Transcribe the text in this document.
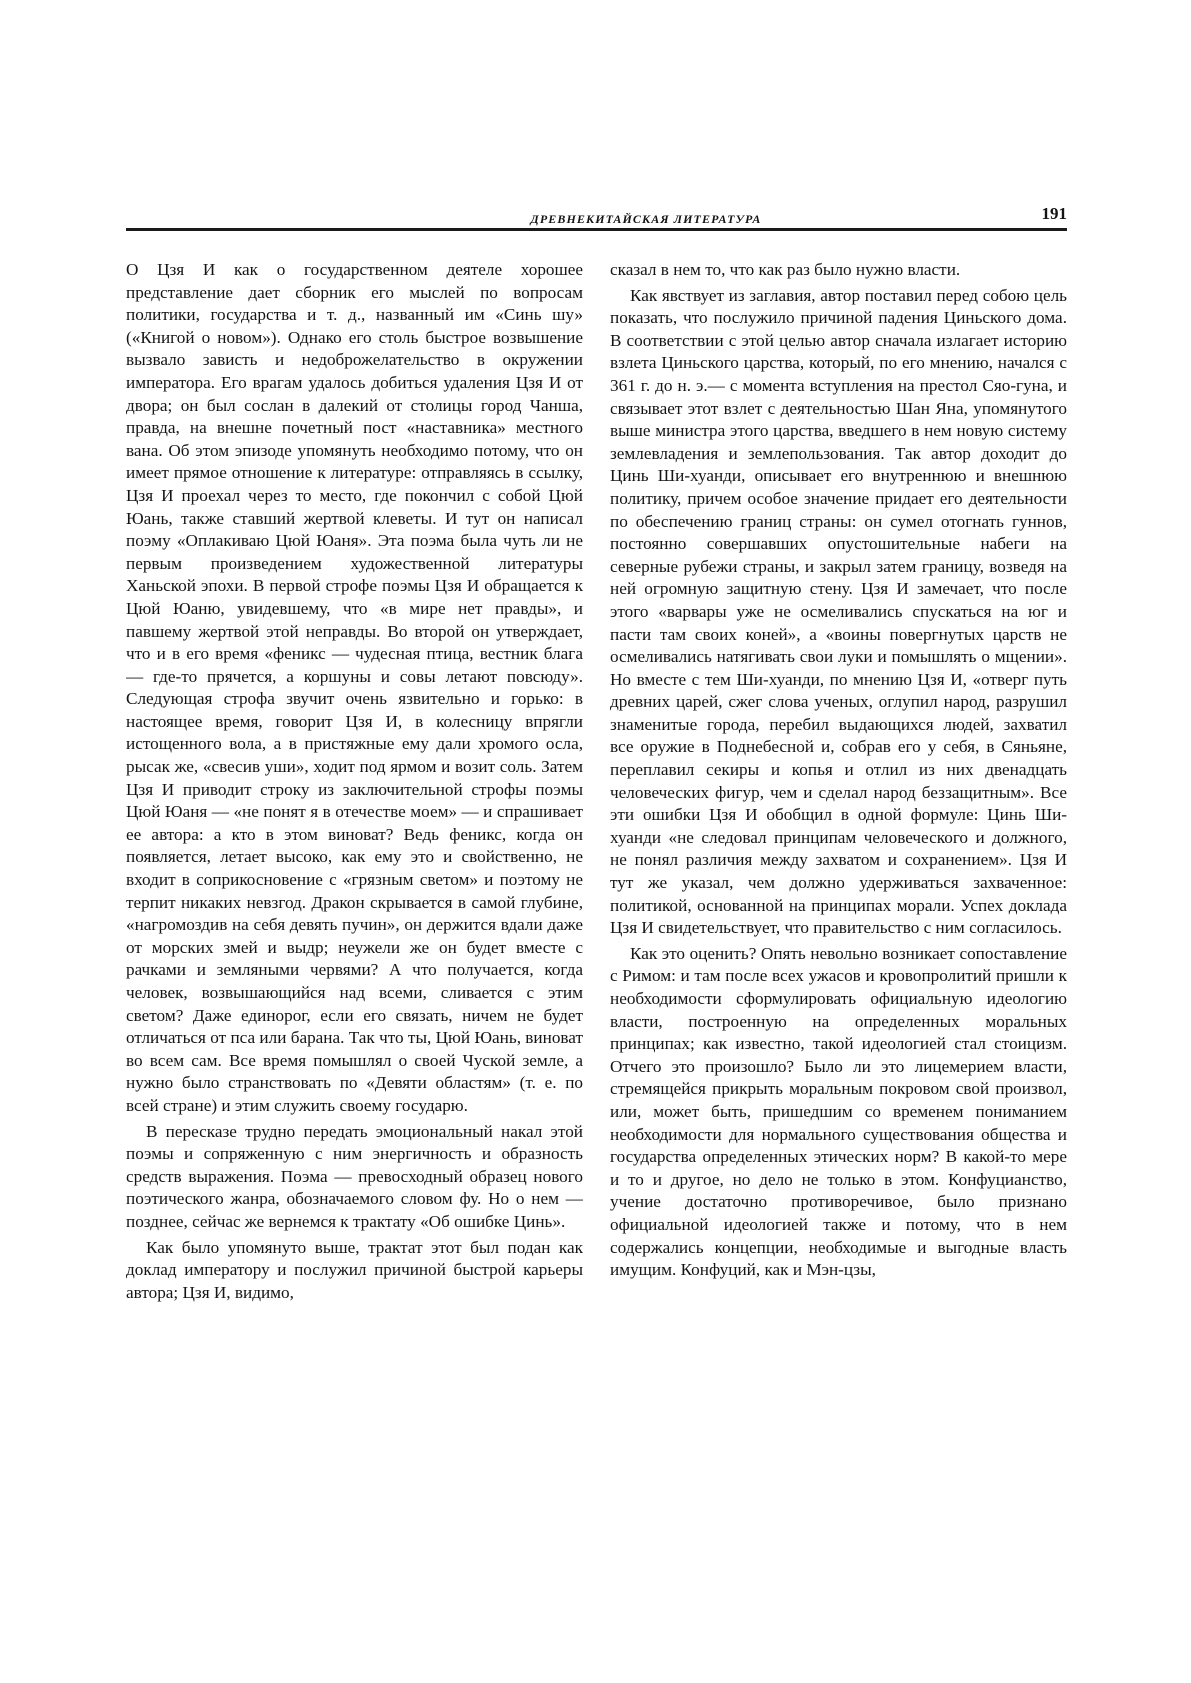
ДРЕВНЕКИТАЙСКАЯ ЛИТЕРАТУРА	191

О Цзя И как о государственном деятеле хорошее представление дает сборник его мыслей по вопросам политики, государства и т. д., названный им «Синь шу» («Книгой о новом»). Однако его столь быстрое возвышение вызвало зависть и недоброжелательство в окружении императора. Его врагам удалось добиться удаления Цзя И от двора; он был сослан в далекий от столицы город Чанша, правда, на внешне почетный пост «наставника» местного вана. Об этом эпизоде упомянуть необходимо потому, что он имеет прямое отношение к литературе: отправляясь в ссылку, Цзя И проехал через то место, где покончил с собой Цюй Юань, также ставший жертвой клеветы. И тут он написал поэму «Оплакиваю Цюй Юаня». Эта поэма была чуть ли не первым произведением художественной литературы Ханьской эпохи. В первой строфе поэмы Цзя И обращается к Цюй Юаню, увидевшему, что «в мире нет правды», и павшему жертвой этой неправды. Во второй он утверждает, что и в его время «феникс — чудесная птица, вестник блага — где-то прячется, а коршуны и совы летают повсюду». Следующая строфа звучит очень язвительно и горько: в настоящее время, говорит Цзя И, в колесницу впрягли истощенного вола, а в пристяжные ему дали хромого осла, рысак же, «свесив уши», ходит под ярмом и возит соль. Затем Цзя И приводит строку из заключительной строфы поэмы Цюй Юаня — «не понят я в отечестве моем» — и спрашивает ее автора: а кто в этом виноват? Ведь феникс, когда он появляется, летает высоко, как ему это и свойственно, не входит в соприкосновение с «грязным светом» и поэтому не терпит никаких невзгод. Дракон скрывается в самой глубине, «нагромоздив на себя девять пучин», он держится вдали даже от морских змей и выдр; неужели же он будет вместе с рачками и земляными червями? А что получается, когда человек, возвышающийся над всеми, сливается с этим светом? Даже единорог, если его связать, ничем не будет отличаться от пса или барана. Так что ты, Цюй Юань, виноват во всем сам. Все время помышлял о своей Чуской земле, а нужно было странствовать по «Девяти областям» (т. е. по всей стране) и этим служить своему государю.

В пересказе трудно передать эмоциональный накал этой поэмы и сопряженную с ним энергичность и образность средств выражения. Поэма — превосходный образец нового поэтического жанра, обозначаемого словом фу. Но о нем — позднее, сейчас же вернемся к трактату «Об ошибке Цинь».

Как было упомянуто выше, трактат этот был подан как доклад императору и послужил причиной быстрой карьеры автора; Цзя И, видимо,

сказал в нем то, что как раз было нужно власти.

Как явствует из заглавия, автор поставил перед собою цель показать, что послужило причиной падения Циньского дома. В соответствии с этой целью автор сначала излагает историю взлета Циньского царства, который, по его мнению, начался с 361 г. до н. э.— с момента вступления на престол Сяо-гуна, и связывает этот взлет с деятельностью Шан Яна, упомянутого выше министра этого царства, введшего в нем новую систему землевладения и землепользования. Так автор доходит до Цинь Ши-хуанди, описывает его внутреннюю и внешнюю политику, причем особое значение придает его деятельности по обеспечению границ страны: он сумел отогнать гуннов, постоянно совершавших опустошительные набеги на северные рубежи страны, и закрыл затем границу, возведя на ней огромную защитную стену. Цзя И замечает, что после этого «варвары уже не осмеливались спускаться на юг и пасти там своих коней», а «воины повергнутых царств не осмеливались натягивать свои луки и помышлять о мщении». Но вместе с тем Ши-хуанди, по мнению Цзя И, «отверг путь древних царей, сжег слова ученых, оглупил народ, разрушил знаменитые города, перебил выдающихся людей, захватил все оружие в Поднебесной и, собрав его у себя, в Сяньяне, переплавил секиры и копья и отлил из них двенадцать человеческих фигур, чем и сделал народ беззащитным». Все эти ошибки Цзя И обобщил в одной формуле: Цинь Ши-хуанди «не следовал принципам человеческого и должного, не понял различия между захватом и сохранением». Цзя И тут же указал, чем должно удерживаться захваченное: политикой, основанной на принципах морали. Успех доклада Цзя И свидетельствует, что правительство с ним согласилось.

Как это оценить? Опять невольно возникает сопоставление с Римом: и там после всех ужасов и кровопролитий пришли к необходимости сформулировать официальную идеологию власти, построенную на определенных моральных принципах; как известно, такой идеологией стал стоицизм. Отчего это произошло? Было ли это лицемерием власти, стремящейся прикрыть моральным покровом свой произвол, или, может быть, пришедшим со временем пониманием необходимости для нормального существования общества и государства определенных этических норм? В какой-то мере и то и другое, но дело не только в этом. Конфуцианство, учение достаточно противоречивое, было признано официальной идеологией также и потому, что в нем содержались концепции, необходимые и выгодные власть имущим. Конфуций, как и Мэн-цзы,
